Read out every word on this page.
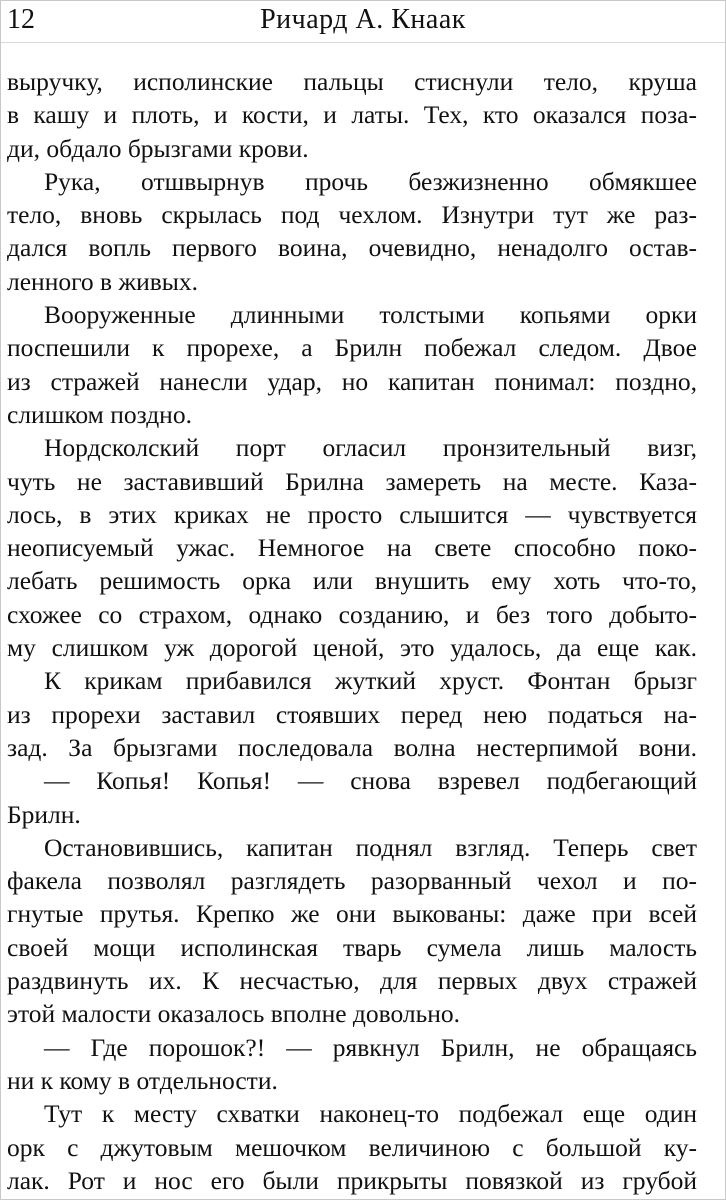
12	Ричард А. Кнаак
выручку, исполинские пальцы стиснули тело, круша
в кашу и плоть, и кости, и латы. Тех, кто оказался поза-
ди, обдало брызгами крови.
Рука, отшвырнув прочь безжизненно обмякшее
тело, вновь скрылась под чехлом. Изнутри тут же раз-
дался вопль первого воина, очевидно, ненадолго остав-
ленного в живых.
Вооруженные длинными толстыми копьями орки
поспешили к прорехе, а Брилн побежал следом. Двое
из стражей нанесли удар, но капитан понимал: поздно,
слишком поздно.
Нордсколский порт огласил пронзительный визг,
чуть не заставивший Брилна замереть на месте. Каза-
лось, в этих криках не просто слышится — чувствуется
неописуемый ужас. Немногое на свете способно поко-
лебать решимость орка или внушить ему хоть что-то,
схожее со страхом, однако созданию, и без того добыто-
му слишком уж дорогой ценой, это удалось, да еще как.
К крикам прибавился жуткий хруст. Фонтан брызг
из прорехи заставил стоявших перед нею податься на-
зад. За брызгами последовала волна нестерпимой вони.
— Копья! Копья! — снова взревел подбегающий
Брилн.
Остановившись, капитан поднял взгляд. Теперь свет
факела позволял разглядеть разорванный чехол и по-
гнутые прутья. Крепко же они выкованы: даже при всей
своей мощи исполинская тварь сумела лишь малость
раздвинуть их. К несчастью, для первых двух стражей
этой малости оказалось вполне довольно.
— Где порошок?! — рявкнул Брилн, не обращаясь
ни к кому в отдельности.
Тут к месту схватки наконец-то подбежал еще один
орк с джутовым мешочком величиною с большой ку-
лак. Рот и нос его были прикрыты повязкой из грубой
